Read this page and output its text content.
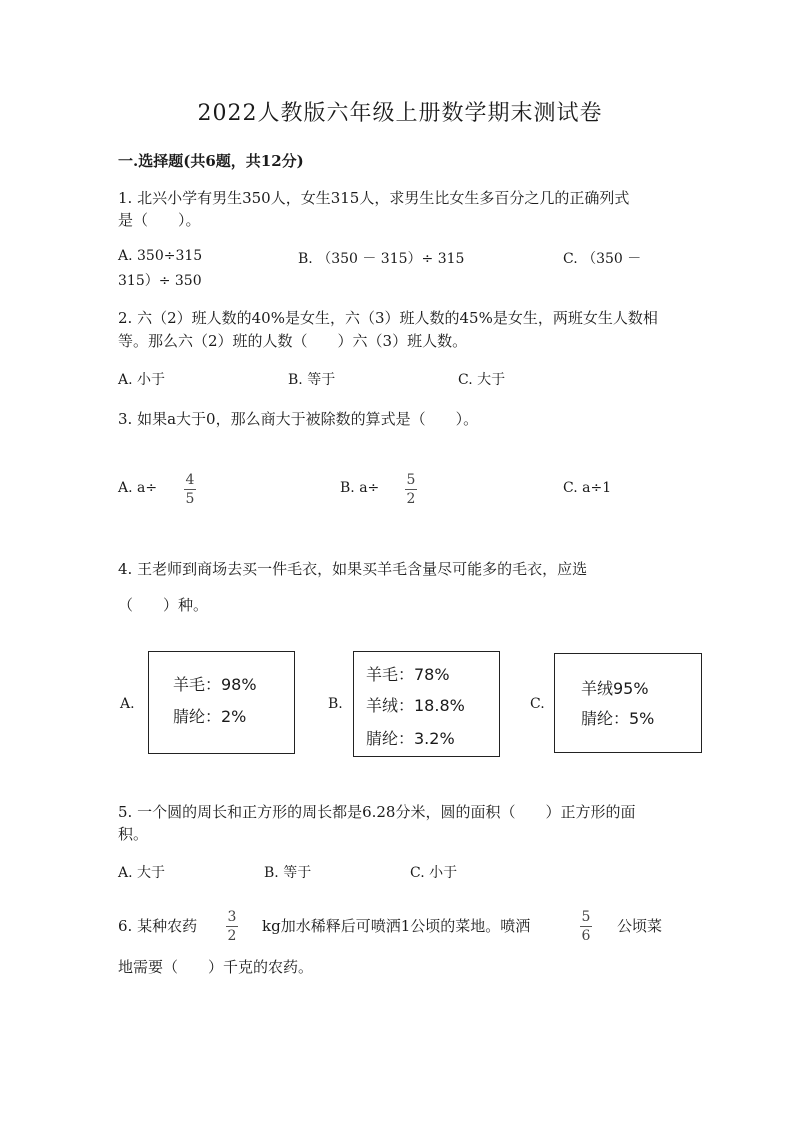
2022人教版六年级上册数学期末测试卷
一.选择题(共6题，共12分)
1. 北兴小学有男生350人，女生315人，求男生比女生多百分之几的正确列式
是（　　）。
A. 350÷315	B. （350 － 315）÷ 315	C. （350 －
315）÷ 350
2. 六（2）班人数的40%是女生，六（3）班人数的45%是女生，两班女生人数相
等。那么六（2）班的人数（　　）六（3）班人数。
A. 小于	B. 等于	C. 大于
3. 如果a大于0，那么商大于被除数的算式是（　　）。
A. a÷ 4
5
B. a÷ 5
2
C. a÷1
4. 王老师到商场去买一件毛衣，如果买羊毛含量尽可能多的毛衣，应选
（　　）种。
A.
羊毛：98%
腈纶：2%
B.
羊毛：78%
羊绒：18.8%
腈纶：3.2%
C.
羊绒95%
腈纶：5%
5. 一个圆的周长和正方形的周长都是6.28分米，圆的面积（　　）正方形的面
积。
A. 大于	B. 等于	C. 小于
6. 某种农药 3
2
kg加水稀释后可喷洒1公顷的菜地。喷洒	5
6
公顷菜
地需要（　　）千克的农药。
